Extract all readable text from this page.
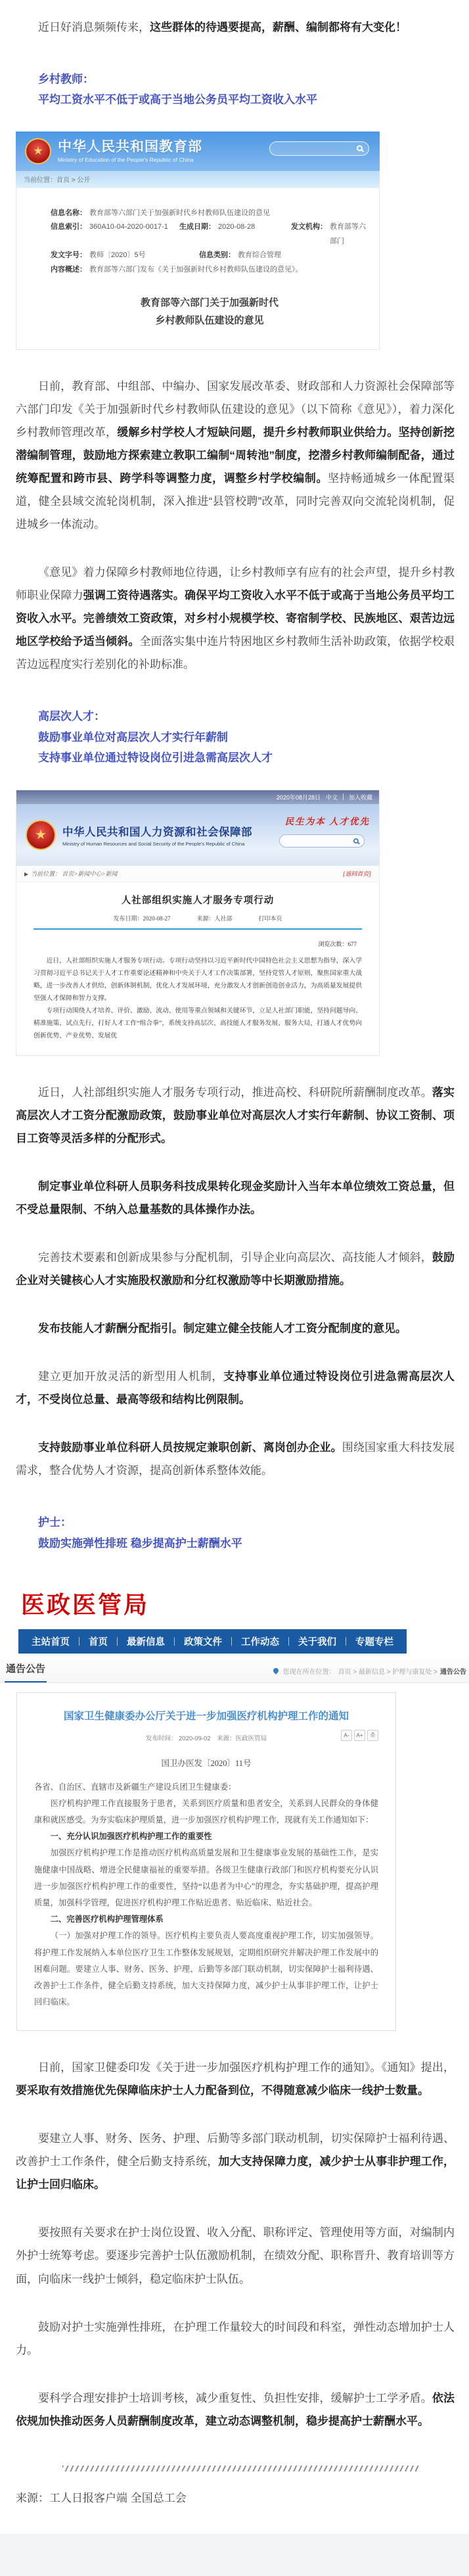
近日好消息频频传来，这些群体的待遇要提高，薪酬、编制都将有大变化！

乡村教师：

平均工资水平不低于或高于当地公务员平均工资收入水平

★ 中华人民共和国教育部
Ministry of Education of the People's Republic of China
当前位置：首页 > 公开
信息名称： 教育部等六部门关于加强新时代乡村教师队伍建设的意见
信息索引： 360A10-04-2020-0017-1 生成日期： 2020-08-28	发文机构： 教育部等六部门
发文字号： 教师〔2020〕5号	信息类别： 教育综合管理
内容概述： 教育部等六部门发布《关于加强新时代乡村教师队伍建设的意见》。
教育部等六部门关于加强新时代
乡村教师队伍建设的意见

日前，教育部、中组部、中编办、国家发展改革委、财政部和人力资源社会保障部等六部门印发《关于加强新时代乡村教师队伍建设的意见》（以下简称《意见》），着力深化乡村教师管理改革，缓解乡村学校人才短缺问题，提升乡村教师职业供给力。坚持创新挖潜编制管理，鼓励地方探索建立教职工编制“周转池”制度，挖潜乡村教师编制配备，通过统筹配置和跨市县、跨学科等调整力度，调整乡村学校编制。坚持畅通城乡一体配置渠道，健全县域交流轮岗机制，深入推进“县管校聘”改革，同时完善双向交流轮岗机制，促进城乡一体流动。

《意见》着力保障乡村教师地位待遇，让乡村教师享有应有的社会声望，提升乡村教师职业保障力强调工资待遇落实。确保平均工资收入水平不低于或高于当地公务员平均工资收入水平。完善绩效工资政策，对乡村小规模学校、寄宿制学校、民族地区、艰苦边远地区学校给予适当倾斜。全面落实集中连片特困地区乡村教师生活补助政策，依据学校艰苦边远程度实行差别化的补助标准。

高层次人才：

鼓励事业单位对高层次人才实行年薪制

支持事业单位通过特设岗位引进急需高层次人才

2020年08月28日 中文 加入收藏
★ 中华人民共和国人力资源和社会保障部
Ministry of Human Resources and Social Security of the People's Republic of China
民生为本 人才优先
▶ 当前位置： 首页>新闻中心>新闻	[返回首页]
人社部组织实施人才服务专项行动
发布日期：2020-08-27	来源：人社部	打印本页
浏览次数：677

近日，人社部组织实施人才服务专项行动。专项行动坚持以习近平新时代中国特色社会主义思想为指导，深入学习贯彻习近平总书记关于人才工作重要论述精神和中央关于人才工作决策部署，坚持党管人才原则，聚焦国家重大战略，进一步改善人才供给，创新体制机制，优化人才发展环境，充分激发人才创新创造创业活力，为高质量发展提供坚强人才保障和智力支撑。

专项行动围绕人才培养、评价、激励、流动、使用等重点领域和关键环节，立足人社部门职能，坚持问题导向、精准施策、试点先行，打好人才工作“组合拳”，系统支持高层次、高技能人才服务发展、服务大局，打通人才优势向创新优势、产业优势、发展优

近日，人社部组织实施人才服务专项行动，推进高校、科研院所薪酬制度改革。落实高层次人才工资分配激励政策，鼓励事业单位对高层次人才实行年薪制、协议工资制、项目工资等灵活多样的分配形式。

制定事业单位科研人员职务科技成果转化现金奖励计入当年本单位绩效工资总量，但不受总量限制、不纳入总量基数的具体操作办法。

完善技术要素和创新成果参与分配机制，引导企业向高层次、高技能人才倾斜，鼓励企业对关键核心人才实施股权激励和分红权激励等中长期激励措施。

发布技能人才薪酬分配指引。制定建立健全技能人才工资分配制度的意见。

建立更加开放灵活的新型用人机制，支持事业单位通过特设岗位引进急需高层次人才，不受岗位总量、最高等级和结构比例限制。

支持鼓励事业单位科研人员按规定兼职创新、离岗创办企业。围绕国家重大科技发展需求，整合优势人才资源，提高创新体系整体效能。

护士：

鼓励实施弹性排班 稳步提高护士薪酬水平

医政医管局
主站首页 首页 最新信息 政策文件 工作动态 关于我们 专题专栏
通告公告	您现在所在位置： 首页 > 最新信息 > 护理与康复处 > 通告公告
国家卫生健康委办公厅关于进一步加强医疗机构护理工作的通知
发布时间： 2020-09-02　来源：医政医管局	A-	A+	⎙
国卫办医发〔2020〕11号

各省、自治区、直辖市及新疆生产建设兵团卫生健康委：

医疗机构护理工作直接服务于患者，关系到医疗质量和患者安全，关系到人民群众的身体健康和就医感受。为夯实临床护理质量，进一步加强医疗机构护理工作，现就有关工作通知如下：

一、充分认识加强医疗机构护理工作的重要性

加强医疗机构护理工作是推动医疗机构高质量发展和卫生健康事业发展的基础性工作，是实施健康中国战略、增进全民健康福祉的重要举措。各级卫生健康行政部门和医疗机构要充分认识进一步加强医疗机构护理工作的重要性，坚持“以患者为中心”的理念，夯实基础护理，提高护理质量，加强科学管理，促进医疗机构护理工作贴近患者、贴近临床、贴近社会。

二、完善医疗机构护理管理体系

（一）加强对护理工作的领导。医疗机构主要负责人要高度重视护理工作，切实加强领导。将护理工作发展纳入本单位医疗卫生工作整体发展规划，定期组织研究并解决护理工作发展中的困难问题。要建立人事、财务、医务、护理、后勤等多部门联动机制，切实保障护士福利待遇、改善护士工作条件，健全后勤支持系统，加大支持保障力度，减少护士从事非护理工作，让护士回归临床。

日前，国家卫健委印发《关于进一步加强医疗机构护理工作的通知》。《通知》提出，要采取有效措施优先保障临床护士人力配备到位，不得随意减少临床一线护士数量。

要建立人事、财务、医务、护理、后勤等多部门联动机制，切实保障护士福利待遇、改善护士工作条件，健全后勤支持系统，加大支持保障力度，减少护士从事非护理工作，让护士回归临床。

要按照有关要求在护士岗位设置、收入分配、职称评定、管理使用等方面，对编制内外护士统筹考虑。要逐步完善护士队伍激励机制，在绩效分配、职称晋升、教育培训等方面，向临床一线护士倾斜，稳定临床护士队伍。

鼓励对护士实施弹性排班，在护理工作量较大的时间段和科室，弹性动态增加护士人力。

要科学合理安排护士培训考核，减少重复性、负担性安排，缓解护士工学矛盾。依法依规加快推动医务人员薪酬制度改革，建立动态调整机制，稳步提高护士薪酬水平。

来源：工人日报客户端 全国总工会
